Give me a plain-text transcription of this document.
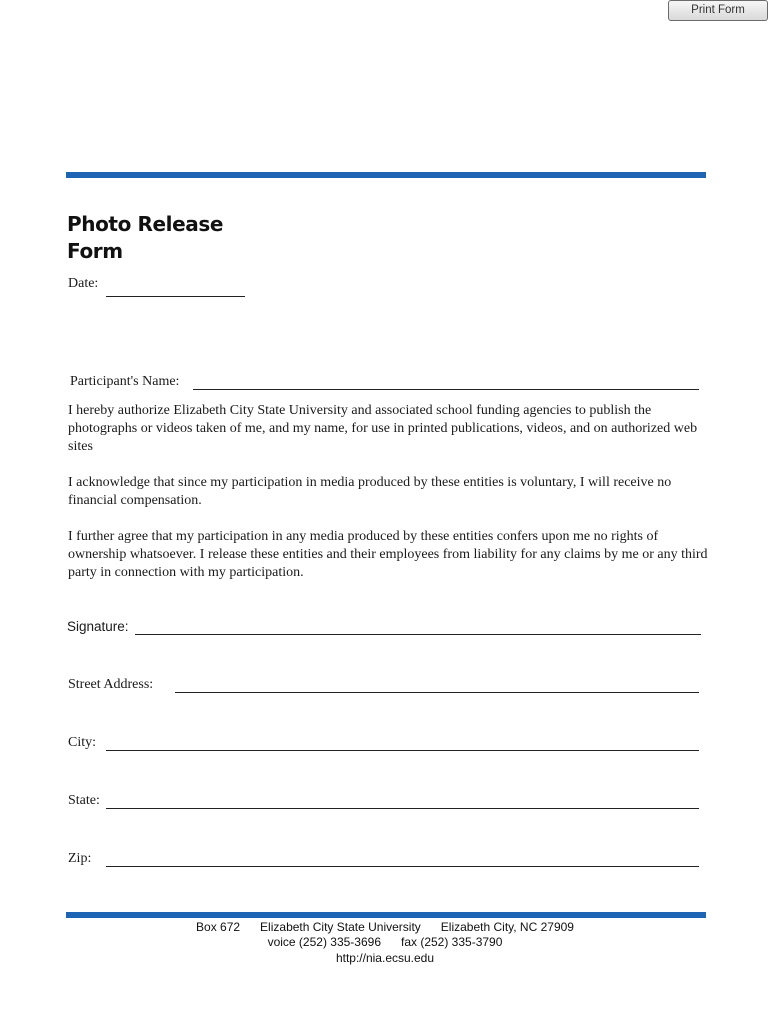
Print Form
Photo Release
Form
Date:
Participant's Name:

I hereby authorize Elizabeth City State University and associated school funding agencies to publish the photographs or videos taken of me, and my name, for use in printed publications, videos, and on authorized web sites

I acknowledge that since my participation in media produced by these entities is voluntary, I will receive no financial compensation.

I further agree that my participation in any media produced by these entities confers upon me no rights of ownership whatsoever. I release these entities and their employees from liability for any claims by me or any third party in connection with my participation.

Signature:
Street Address:
City:
State:
Zip:
Box 672      Elizabeth City State University      Elizabeth City, NC 27909
voice (252) 335-3696      fax (252) 335-3790
http://nia.ecsu.edu
